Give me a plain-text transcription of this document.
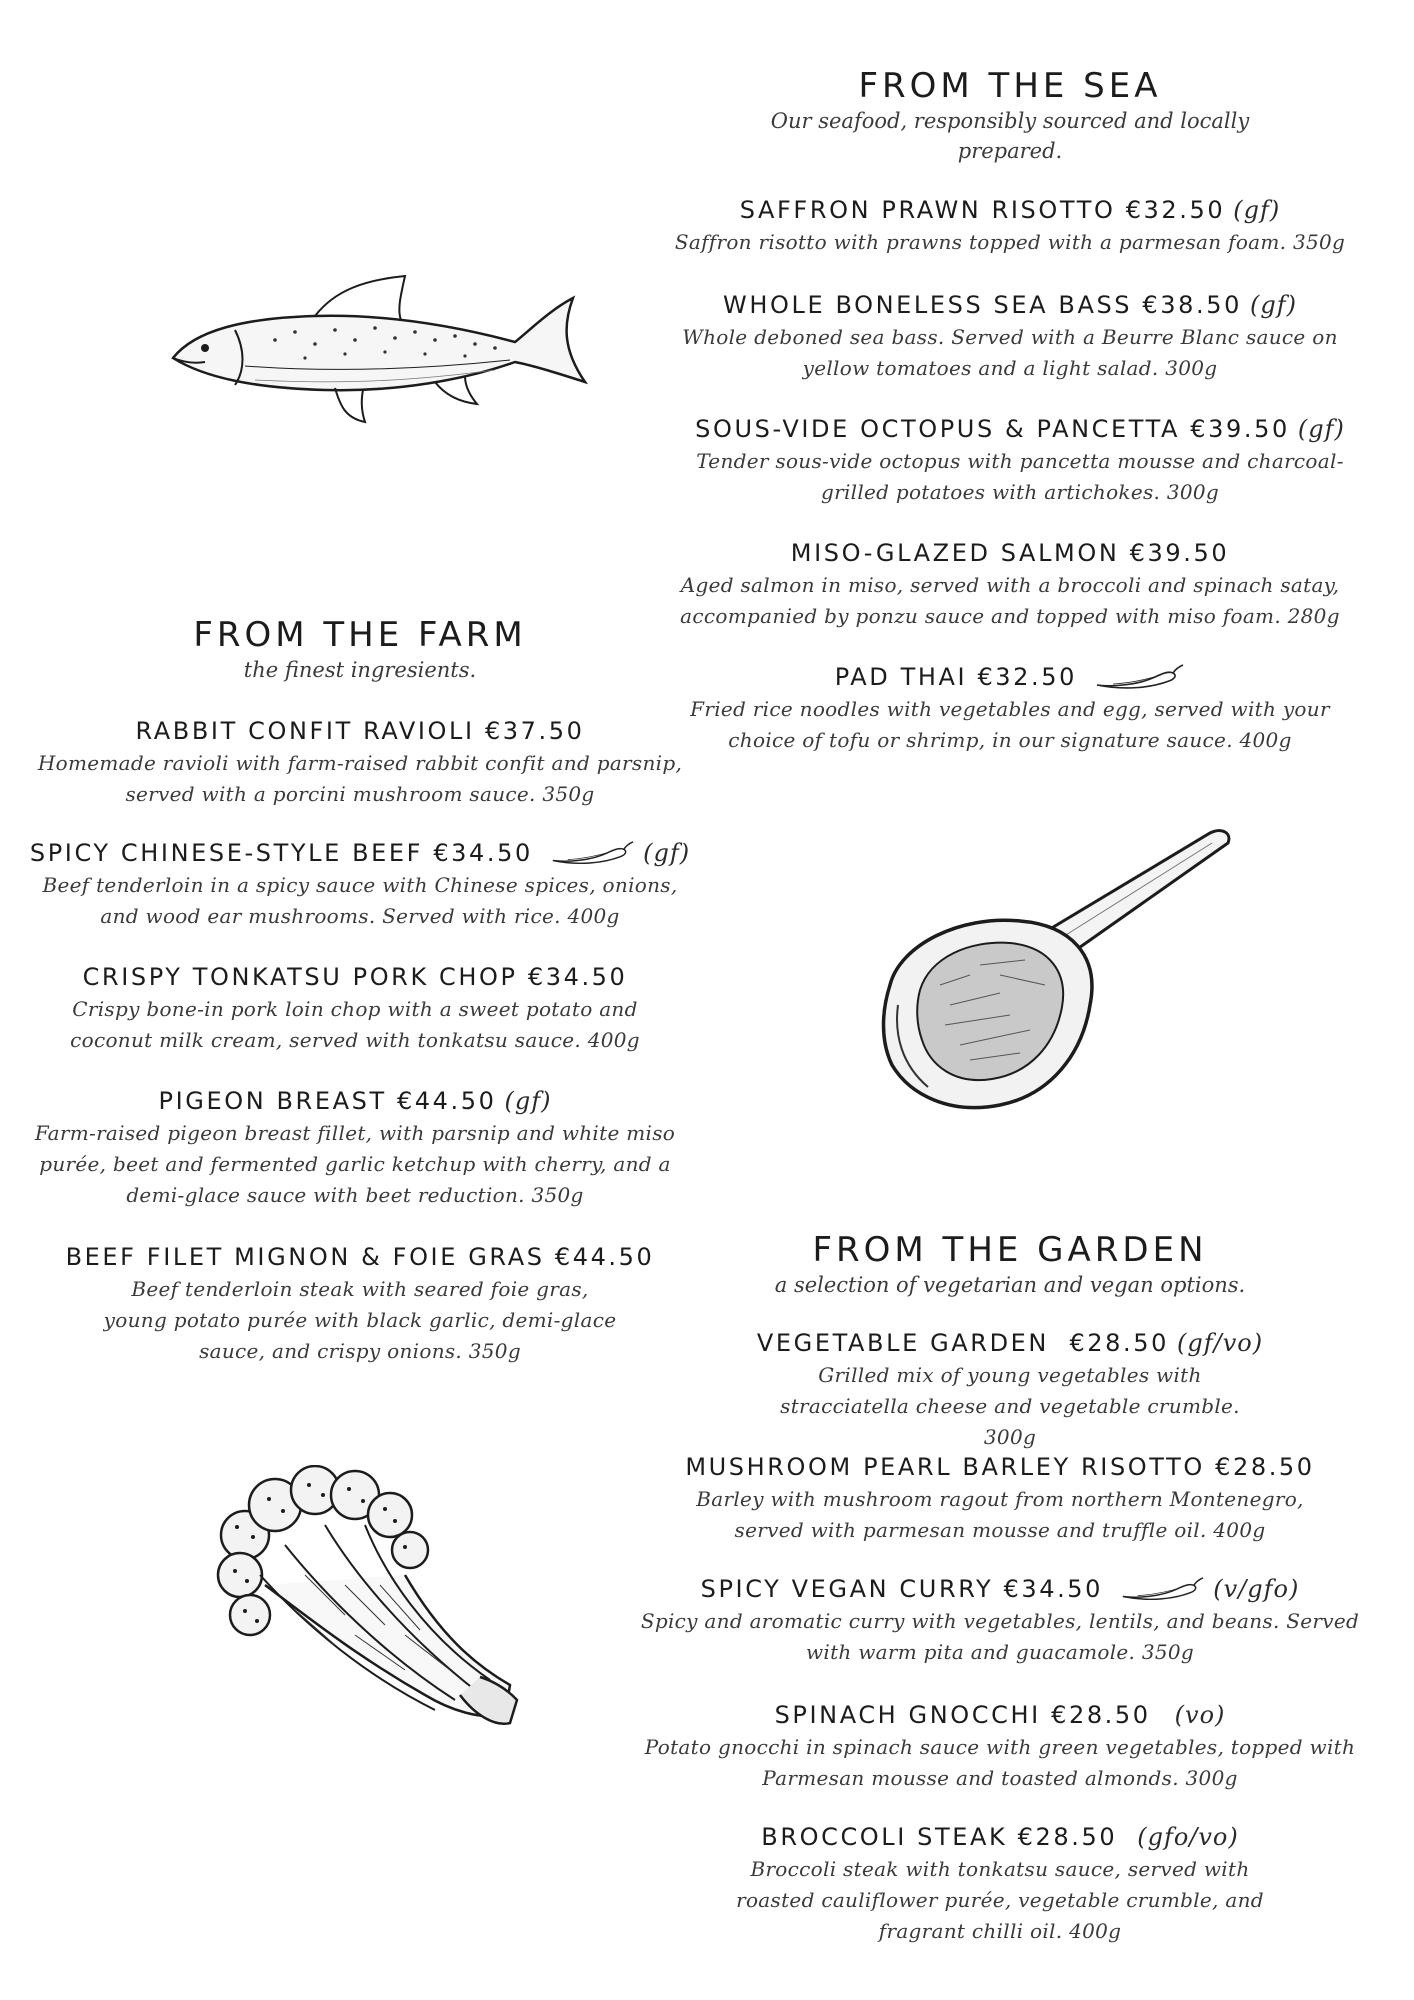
FROM THE SEA
Our seafood, responsibly sourced and locally prepared.
SAFFRON PRAWN RISOTTO €32.50 (gf)
Saffron risotto with prawns topped with a parmesan foam. 350g
WHOLE BONELESS SEA BASS €38.50 (gf)
Whole deboned sea bass. Served with a Beurre Blanc sauce on yellow tomatoes and a light salad. 300g
SOUS-VIDE OCTOPUS & PANCETTA €39.50 (gf)
Tender sous-vide octopus with pancetta mousse and charcoal-grilled potatoes with artichokes. 300g
MISO-GLAZED SALMON €39.50
Aged salmon in miso, served with a broccoli and spinach satay, accompanied by ponzu sauce and topped with miso foam. 280g
PAD THAI €32.50
Fried rice noodles with vegetables and egg, served with your choice of tofu or shrimp, in our signature sauce. 400g
FROM THE FARM
the finest ingresients.
RABBIT CONFIT RAVIOLI €37.50
Homemade ravioli with farm-raised rabbit confit and parsnip, served with a porcini mushroom sauce. 350g
SPICY CHINESE-STYLE BEEF €34.50	(gf)
Beef tenderloin in a spicy sauce with Chinese spices, onions, and wood ear mushrooms. Served with rice. 400g
CRISPY TONKATSU PORK CHOP €34.50
Crispy bone-in pork loin chop with a sweet potato and coconut milk cream, served with tonkatsu sauce. 400g
PIGEON BREAST €44.50 (gf)
Farm-raised pigeon breast fillet, with parsnip and white miso purée, beet and fermented garlic ketchup with cherry, and a demi-glace sauce with beet reduction. 350g
BEEF FILET MIGNON & FOIE GRAS €44.50
Beef tenderloin steak with seared foie gras, young potato purée with black garlic, demi-glace sauce, and crispy onions. 350g
FROM THE GARDEN
a selection of vegetarian and vegan options.
VEGETABLE GARDEN €28.50 (gf/vo)
Grilled mix of young vegetables with stracciatella cheese and vegetable crumble. 300g
MUSHROOM PEARL BARLEY RISOTTO €28.50
Barley with mushroom ragout from northern Montenegro, served with parmesan mousse and truffle oil. 400g
SPICY VEGAN CURRY €34.50	(v/gfo)
Spicy and aromatic curry with vegetables, lentils, and beans. Served with warm pita and guacamole. 350g
SPINACH GNOCCHI €28.50 (vo)
Potato gnocchi in spinach sauce with green vegetables, topped with Parmesan mousse and toasted almonds. 300g
BROCCOLI STEAK €28.50 (gfo/vo)
Broccoli steak with tonkatsu sauce, served with roasted cauliflower purée, vegetable crumble, and fragrant chilli oil. 400g
